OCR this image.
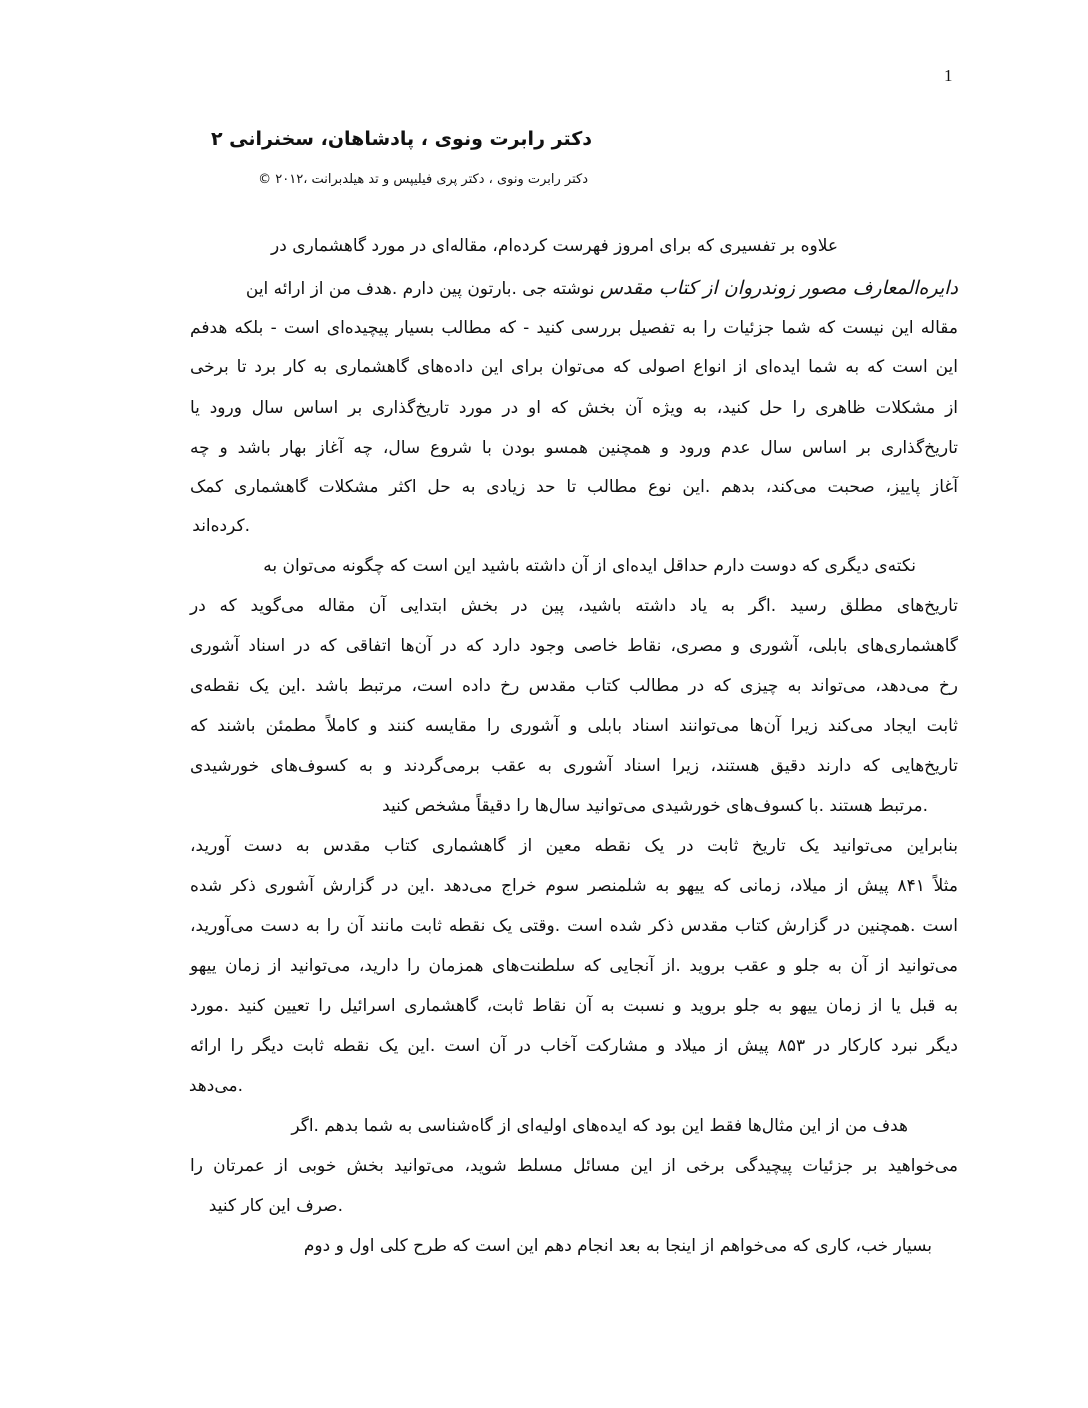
1
دکتر رابرت ونوی ، پادشاهان، سخنرانی ۲
دکتر رابرت ونوی ، دکتر پری فیلیپس و تد هیلدبرانت ،۲۰۱۲ ©
علاوه بر تفسیری که برای امروز فهرست کرده‌ام، مقاله‌ای در مورد گاهشماری در
دایره‌المعارف مصور زوندروان از کتاب مقدس نوشته جی .بارتون پین دارم .هدف من از ارائه این
مقاله این نیست که شما جزئیات را به تفصیل بررسی کنید - که مطالب بسیار پیچیده‌ای است - بلکه هدفم
این است که به شما ایده‌ای از انواع اصولی که می‌توان برای این داده‌های گاهشماری به کار برد تا برخی
از مشکلات ظاهری را حل کنید، به ویژه آن بخش که او در مورد تاریخ‌گذاری بر اساس سال ورود یا
تاریخ‌گذاری بر اساس سال عدم ورود و همچنین همسو بودن با شروع سال، چه آغاز بهار باشد و چه
آغاز پاییز، صحبت می‌کند، بدهم .این نوع مطالب تا حد زیادی به حل اکثر مشکلات گاهشماری کمک
.کرده‌اند
نکته‌ی دیگری که دوست دارم حداقل ایده‌ای از آن داشته باشید این است که چگونه می‌توان به
تاریخ‌های مطلق رسید .اگر به یاد داشته باشید، پین در بخش ابتدایی آن مقاله می‌گوید که در
گاهشماری‌های بابلی، آشوری و مصری، نقاط خاصی وجود دارد که در آن‌ها اتفاقی که در اسناد آشوری
رخ می‌دهد، می‌تواند به چیزی که در مطالب کتاب مقدس رخ داده است، مرتبط باشد .این یک نقطه‌ی
ثابت ایجاد می‌کند زیرا آن‌ها می‌توانند اسناد بابلی و آشوری را مقایسه کنند و کاملاً مطمئن باشند که
تاریخ‌هایی که دارند دقیق هستند، زیرا اسناد آشوری به عقب برمی‌گردند و به کسوف‌های خورشیدی
.مرتبط هستند .با کسوف‌های خورشیدی می‌توانید سال‌ها را دقیقاً مشخص کنید
بنابراین می‌توانید یک تاریخ ثابت در یک نقطه معین از گاهشماری کتاب مقدس به دست آورید،
مثلاً ۸۴۱ پیش از میلاد، زمانی که ییهو به شلمنصر سوم خراج می‌دهد .این در گزارش آشوری ذکر شده
است .همچنین در گزارش کتاب مقدس ذکر شده است .وقتی یک نقطه ثابت مانند آن را به دست می‌آورید،
می‌توانید از آن به جلو و عقب بروید .از آنجایی که سلطنت‌های همزمان را دارید، می‌توانید از زمان ییهو
به قبل یا از زمان ییهو به جلو بروید و نسبت به آن نقاط ثابت، گاهشماری اسرائیل را تعیین کنید .مورد
دیگر نبرد کارکار در ۸۵۳ پیش از میلاد و مشارکت آخاب در آن است .این یک نقطه ثابت دیگر را ارائه
.می‌دهد
هدف من از این مثال‌ها فقط این بود که ایده‌های اولیه‌ای از گاه‌شناسی به شما بدهم .اگر
می‌خواهید بر جزئیات پیچیدگی برخی از این مسائل مسلط شوید، می‌توانید بخش خوبی از عمرتان را
.صرف این کار کنید
بسیار خب، کاری که می‌خواهم از اینجا به بعد انجام دهم این است که طرح کلی اول و دوم
